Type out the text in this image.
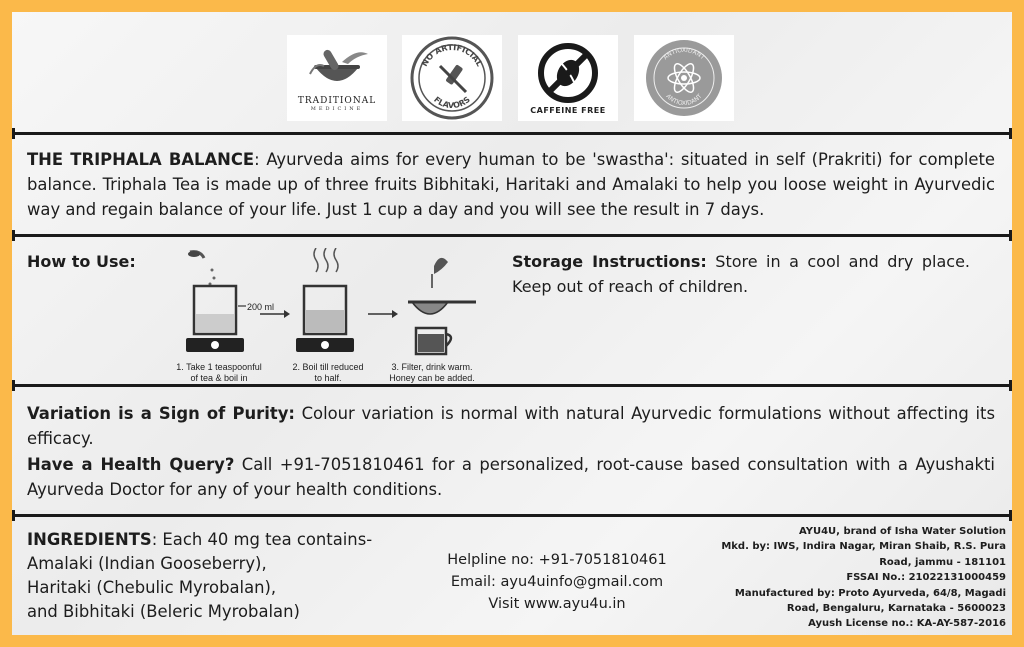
TRADITIONAL
MEDICINE
NO ARTIFICIAL
FLAVORS
CAFFEINE FREE
ANTIOXIDANT
ANTIOXIDANT
THE TRIPHALA BALANCE: Ayurveda aims for every human to be 'swastha': situated in self (Prakriti) for complete balance. Triphala Tea is made up of three fruits Bibhitaki, Haritaki and Amalaki to help you loose weight in Ayurvedic way and regain balance of your life. Just 1 cup a day and you will see the result in 7 days.
How to Use:
200 ml
1. Take 1 teaspoonful
of tea & boil in
2. Boil till reduced
to half.
3. Filter, drink warm.
Honey can be added.
Storage Instructions: Store in a cool and dry place. Keep out of reach of children.
Variation is a Sign of Purity: Colour variation is normal with natural Ayurvedic formulations without affecting its efficacy.
Have a Health Query? Call +91-7051810461 for a personalized, root-cause based consultation with a Ayushakti Ayurveda Doctor for any of your health conditions.
INGREDIENTS: Each 40 mg tea contains-
Amalaki (Indian Gooseberry),
Haritaki (Chebulic Myrobalan),
and Bibhitaki (Beleric Myrobalan)
Helpline no: +91-7051810461
Email: ayu4uinfo@gmail.com
Visit www.ayu4u.in
AYU4U, brand of Isha Water Solution
Mkd. by: IWS, Indira Nagar, Miran Shaib, R.S. Pura
Road, jammu - 181101
FSSAI No.: 21022131000459
Manufactured by: Proto Ayurveda, 64/8, Magadi
Road, Bengaluru, Karnataka - 5600023
Ayush License no.: KA-AY-587-2016
